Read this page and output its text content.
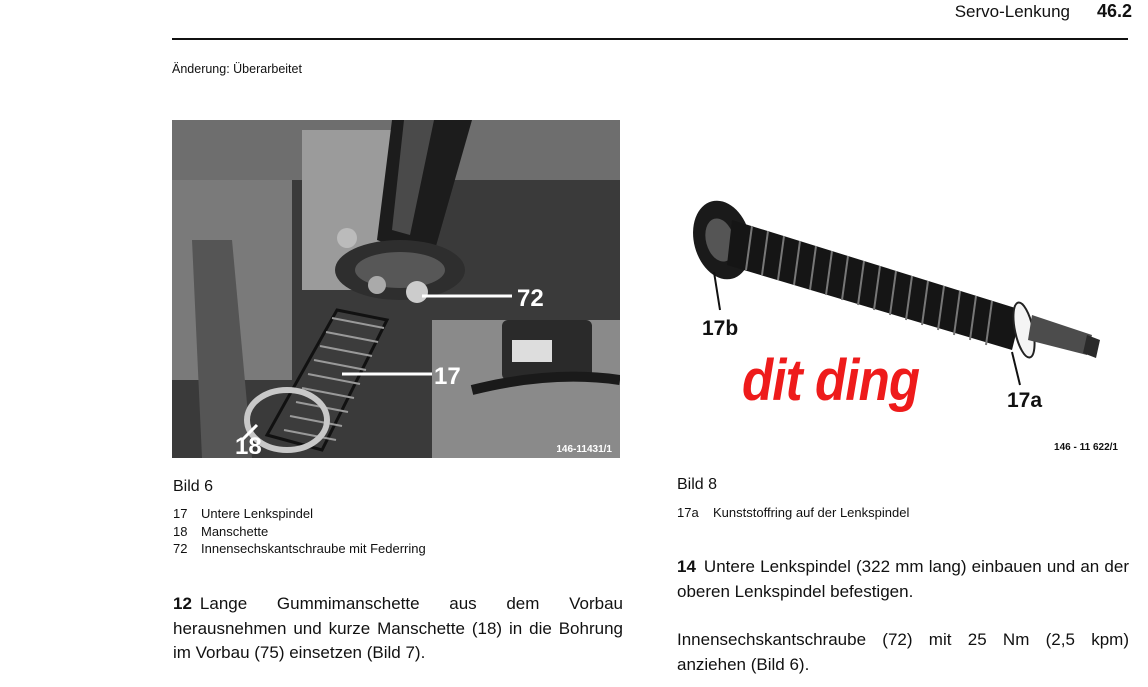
Servo-Lenkung 46.2
Änderung: Überarbeitet
72
17
18	146-11431/1
Bild 6
17 Untere Lenkspindel
18 Manschette
72 Innensechskantschraube mit Federring
12 Lange Gummimanschette aus dem Vorbau herausnehmen und kurze Manschette (18) in die Bohrung im Vorbau (75) einsetzen (Bild 7).
17b
17a
dit ding
146 - 11 622/1
Bild 8
17a Kunststoffring auf der Lenkspindel
14 Untere Lenkspindel (322 mm lang) einbauen und an der oberen Lenkspindel befestigen.
Innensechskantschraube (72) mit 25 Nm (2,5 kpm) anziehen (Bild 6).
